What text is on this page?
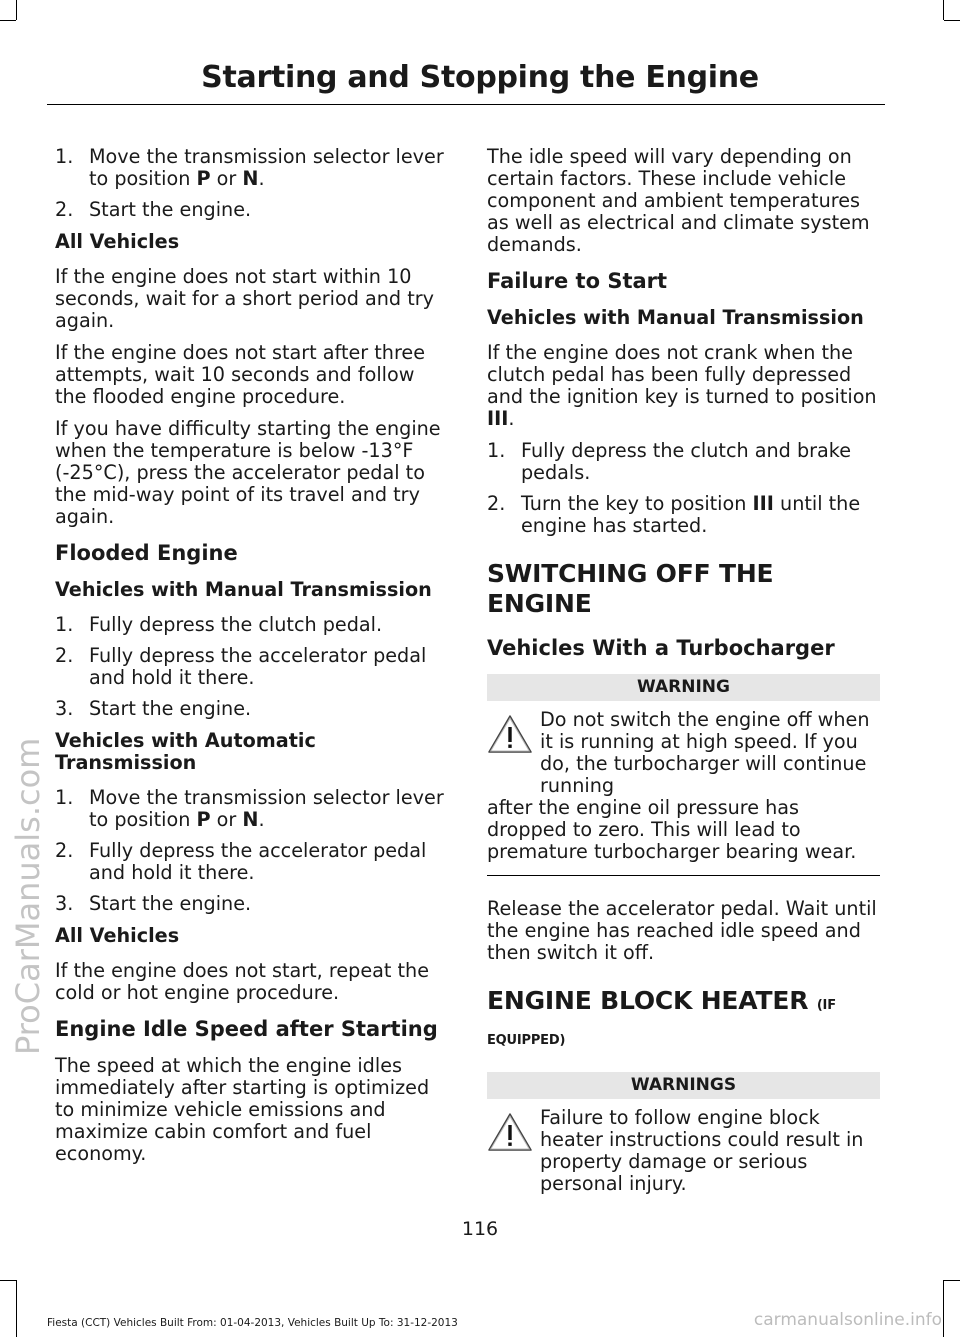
Starting and Stopping the Engine
ProCarManuals.com
1. Move the transmission selector lever to position P or N.
2. Start the engine.

All Vehicles

If the engine does not start within 10 seconds, wait for a short period and try again.

If the engine does not start after three attempts, wait 10 seconds and follow the flooded engine procedure.

If you have difficulty starting the engine when the temperature is below -13°F (-25°C), press the accelerator pedal to the mid-way point of its travel and try again.

Flooded Engine

Vehicles with Manual Transmission

1. Fully depress the clutch pedal.
2. Fully depress the accelerator pedal and hold it there.
3. Start the engine.

Vehicles with Automatic Transmission

1. Move the transmission selector lever to position P or N.
2. Fully depress the accelerator pedal and hold it there.
3. Start the engine.

All Vehicles

If the engine does not start, repeat the cold or hot engine procedure.

Engine Idle Speed after Starting

The speed at which the engine idles immediately after starting is optimized to minimize vehicle emissions and maximize cabin comfort and fuel economy.

The idle speed will vary depending on certain factors. These include vehicle component and ambient temperatures as well as electrical and climate system demands.

Failure to Start

Vehicles with Manual Transmission

If the engine does not crank when the clutch pedal has been fully depressed and the ignition key is turned to position III.

1. Fully depress the clutch and brake pedals.
2. Turn the key to position III until the engine has started.
SWITCHING OFF THE ENGINE
Vehicles With a Turbocharger
WARNING
Do not switch the engine off when it is running at high speed. If you do, the turbocharger will continue running
after the engine oil pressure has dropped to zero. This will lead to premature turbocharger bearing wear.

Release the accelerator pedal. Wait until the engine has reached idle speed and then switch it off.

ENGINE BLOCK HEATER (IF
EQUIPPED)
WARNINGS
Failure to follow engine block heater instructions could result in property damage or serious personal injury.
116
Fiesta (CCT) Vehicles Built From: 01-04-2013, Vehicles Built Up To: 31-12-2013	carmanualsonline.info
